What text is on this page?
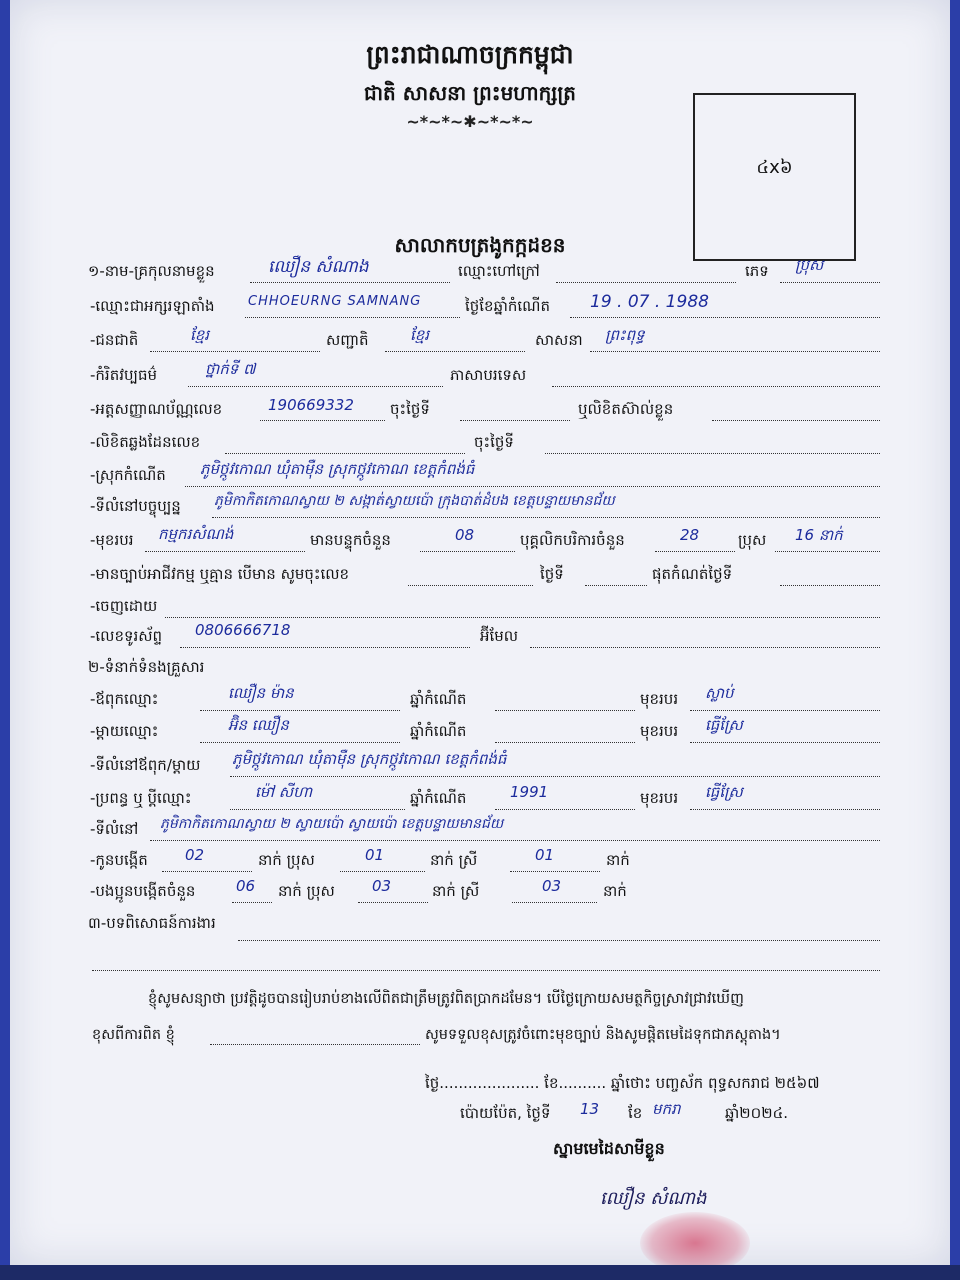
ព្រះរាជាណាចក្រកម្ពុជា
ជាតិ សាសនា ព្រះមហាក្សត្រ
~*~*~✱~*~*~
៤x៦
សាលាកបត្រងូកក្កដខន
១-នាម-គ្រកុលនាមខ្លួន	ឈឿន សំណាង	ឈ្មោះហៅក្រៅ	ភេទ ប្រុស
-ឈ្មោះជាអក្សរឡាតាំង	CHHOEURNG SAMNANG	ថ្ងៃខែឆ្នាំកំណើត 19 . 07 . 1988
-ជនជាតិ	ខ្មែរ	សញ្ជាតិ	ខ្មែរ	សាសនា ព្រះពុទ្ធ
-កំរិតវប្បធម៌	ថ្នាក់ទី ៧	ភាសាបរទេស
-អត្តសញ្ញាណប័ណ្ណលេខ	190669332 ចុះថ្ងៃទី	ឬលិខិតស៊ាល់ខ្លួន
-លិខិតឆ្លងដែនលេខ	ចុះថ្ងៃទី
-ស្រុកកំណើត ភូមិថ្កូវកោណ ឃុំតាម៉ឺន ស្រុកថ្កូវកោណ ខេត្តកំពង់ធំ
-ទីលំនៅបច្ចុប្បន្ន ភូមិកាកិតកោណស្វាយ ២ សង្កាត់ស្វាយប៉ោ ក្រុងបាត់ដំបង ខេត្តបន្ទាយមានជ័យ
-មុខរបរ កម្មករសំណង់	មានបន្ទុកចំនួន	08	បុគ្គលិកបរិការចំនួន	28	ប្រុស 16 នាក់
-មានច្បាប់អាជីវកម្ម ឬគ្មាន បើមាន សូមចុះលេខ	ថ្ងៃទី	ផុតកំណត់ថ្ងៃទី
-ចេញដោយ
-លេខទូរស័ព្ទ 0806666718	អ៊ីមែល
២-ទំនាក់ទំនងគ្រួសារ
-ឪពុកឈ្មោះ	ឈឿន ម៉ាន	ឆ្នាំកំណើត	មុខរបរ ស្លាប់
-ម្តាយឈ្មោះ	អ៊ិន ឈឿន	ឆ្នាំកំណើត	មុខរបរ ធ្វើស្រែ
-ទីលំនៅឪពុក/ម្តាយ ភូមិថ្កូវកោណ ឃុំតាម៉ឺន ស្រុកថ្កូវកោណ ខេត្តកំពង់ធំ
-ប្រពន្ធ ឬ ប្តីឈ្មោះ	ម៉ៅ សីហា	ឆ្នាំកំណើត	1991	មុខរបរ ធ្វើស្រែ
-ទីលំនៅ ភូមិកាកិតកោណស្វាយ ២ ស្វាយប៉ោ ស្វាយប៉ោ ខេត្តបន្ទាយមានជ័យ
-កូនបង្កើត 02	នាក់ ប្រុស	01	នាក់ ស្រី	01	នាក់
-បងប្អូនបង្កើតចំនួន	06 នាក់ ប្រុស 03	នាក់ ស្រី	03	នាក់
៣-បទពិសោធន៍ការងារ
ខ្ញុំសូមសន្យាថា ប្រវត្តិដូចបានរៀបរាប់ខាងលើពិតជាត្រឹមត្រូវពិតប្រាកដមែន។ បើថ្ងៃក្រោយសមត្ថកិច្ចស្រាវជ្រាវឃើញ
ខុសពីការពិត ខ្ញុំ	សូមទទួលខុសត្រូវចំពោះមុខច្បាប់ និងសូមផ្តិតមេដៃទុកជាភស្តុតាង។
ថ្ងៃ..................... ខែ.......... ឆ្នាំថោះ បញ្ចស័ក ពុទ្ធសករាជ ២៥៦៧
ប៉ោយប៉ែត, ថ្ងៃទី 13 ខែ មករា	ឆ្នាំ២០២៤.
ស្នាមមេដៃសាមីខ្លួន
ឈឿន សំណាង
